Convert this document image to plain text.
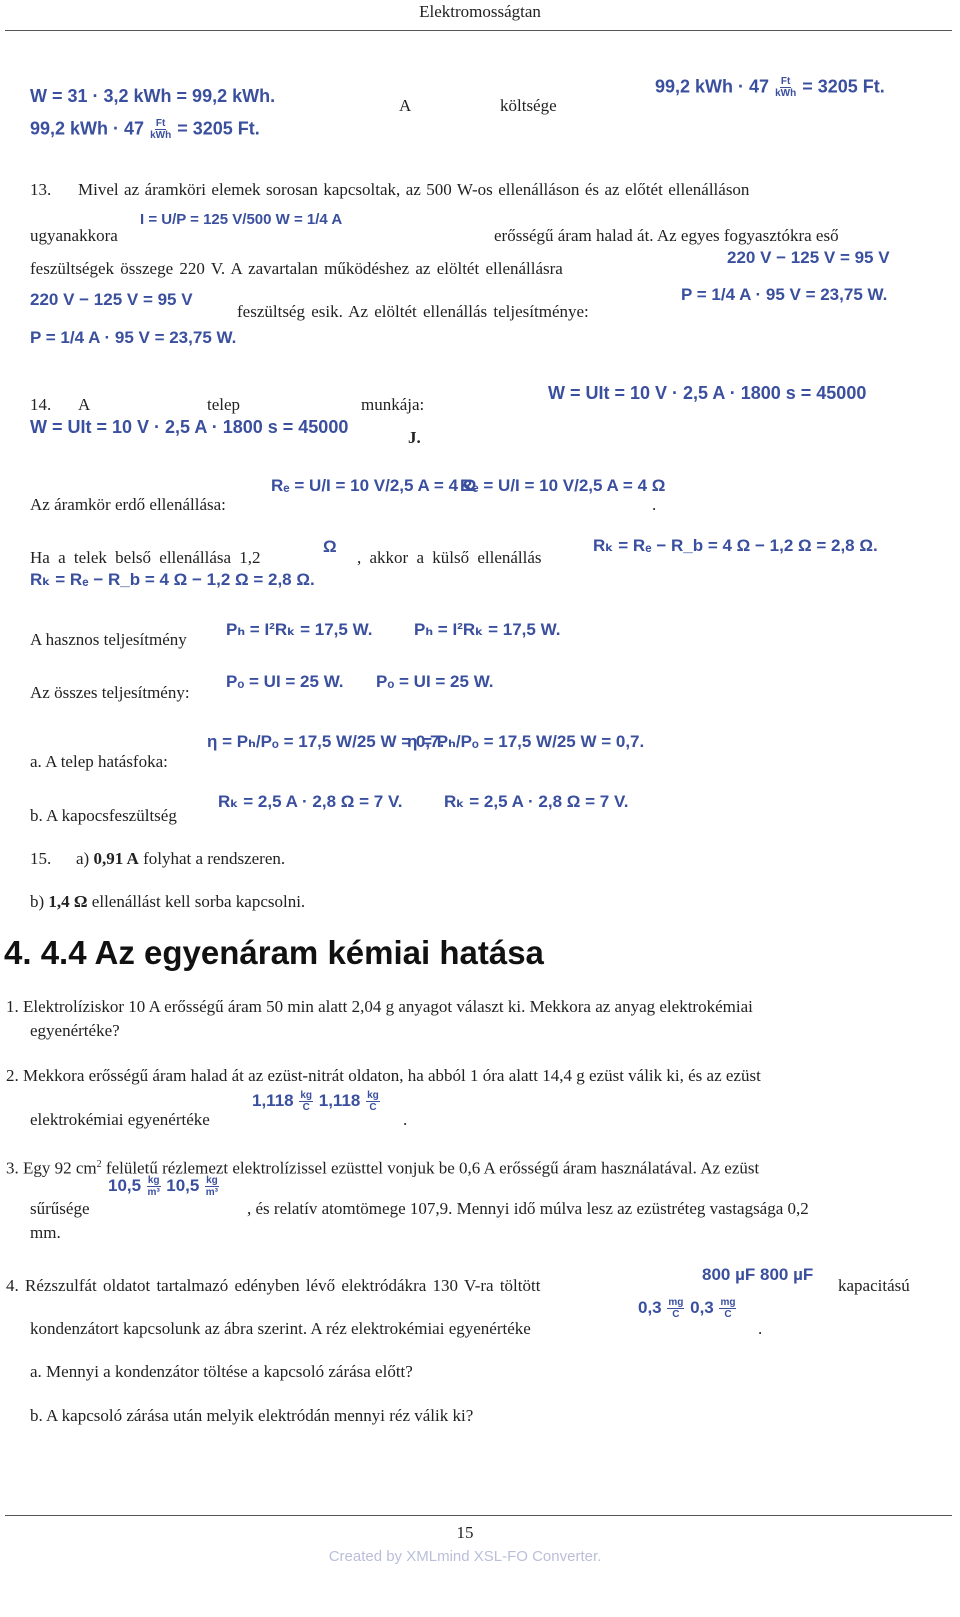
Elektromosságtan
W = 31 · 3,2 kWh = 99,2 kWh.
99,2 kWh · 47 Ft
kWh = 3205 Ft.
A	költsége
99,2 kWh · 47 Ft
kWh = 3205 Ft.
13. Mivel az áramköri elemek sorosan kapcsoltak, az 500 W-os ellenálláson és az előtét ellenálláson
ugyanakkora
I = U/P = 125 V/500 W = 1/4 A
erősségű áram halad át. Az egyes fogyasztókra eső
feszültségek összege 220 V. A zavartalan működéshez az elöltét ellenállásra
220 V − 125 V = 95 V
220 V − 125 V = 95 V
feszültség esik. Az elöltét ellenállás teljesítménye:
P = 1/4 A · 95 V = 23,75 W.
P = 1/4 A · 95 V = 23,75 W.
14. A	telep	munkája:
W = UIt = 10 V · 2,5 A · 1800 s = 45000
W = UIt = 10 V · 2,5 A · 1800 s = 45000
J.
Az áramkör erdő ellenállása:
Rₑ = U/I = 10 V/2,5 A = 4 Ω
Rₑ = U/I = 10 V/2,5 A = 4 Ω
.
Ha a telek belső ellenállása 1,2
Ω
, akkor a külső ellenállás
Rₖ = Rₑ − R_b = 4 Ω − 1,2 Ω = 2,8 Ω.
Rₖ = Rₑ − R_b = 4 Ω − 1,2 Ω = 2,8 Ω.
A hasznos teljesítmény
Pₕ = I²Rₖ = 17,5 W. Pₕ = I²Rₖ = 17,5 W.
Az összes teljesítmény:
Pₒ = UI = 25 W. Pₒ = UI = 25 W.
a. A telep hatásfoka:
η = Pₕ/Pₒ = 17,5 W/25 W = 0,7.
η = Pₕ/Pₒ = 17,5 W/25 W = 0,7.
b. A kapocsfeszültség
Rₖ = 2,5 A · 2,8 Ω = 7 V. Rₖ = 2,5 A · 2,8 Ω = 7 V.
15. a) 0,91 A folyhat a rendszeren.
b) 1,4 Ω ellenállást kell sorba kapcsolni.
4. 4.4 Az egyenáram kémiai hatása
1. Elektrolíziskor 10 A erősségű áram 50 min alatt 2,04 g anyagot választ ki. Mekkora az anyag elektrokémiai
egyenértéke?
2. Mekkora erősségű áram halad át az ezüst-nitrát oldaton, ha abból 1 óra alatt 14,4 g ezüst válik ki, és az ezüst
elektrokémiai egyenértéke
$1,118 \frac{kg}{C} 1,118 \frac{kg}{C}$
.
3. Egy 92 $cm^2$ felületű rézlemezt elektrolízissel ezüsttel vonjuk be 0,6 A erősségű áram használatával. Az ezüst
sűrűsége
$10,5 \frac{kg}{\text{m³}} 10,5 \frac{kg}{\text{m³}}$
, és relatív atomtömege 107,9. Mennyi idő múlva lesz az ezüstréteg vastagsága 0,2
mm.
4. Rézszulfát oldatot tartalmazó edényben lévő elektródákra 130 V-ra töltött
800 µF 800 µF
kapacitású
kondenzátort kapcsolunk az ábra szerint. A réz elektrokémiai egyenértéke
$0,3 \frac{mg}{C} 0,3 \frac{mg}{C}$
.
a. Mennyi a kondenzátor töltése a kapcsoló zárása előtt?
b. A kapcsoló zárása után melyik elektródán mennyi réz válik ki?
15
Created by XMLmind XSL-FO Converter.
